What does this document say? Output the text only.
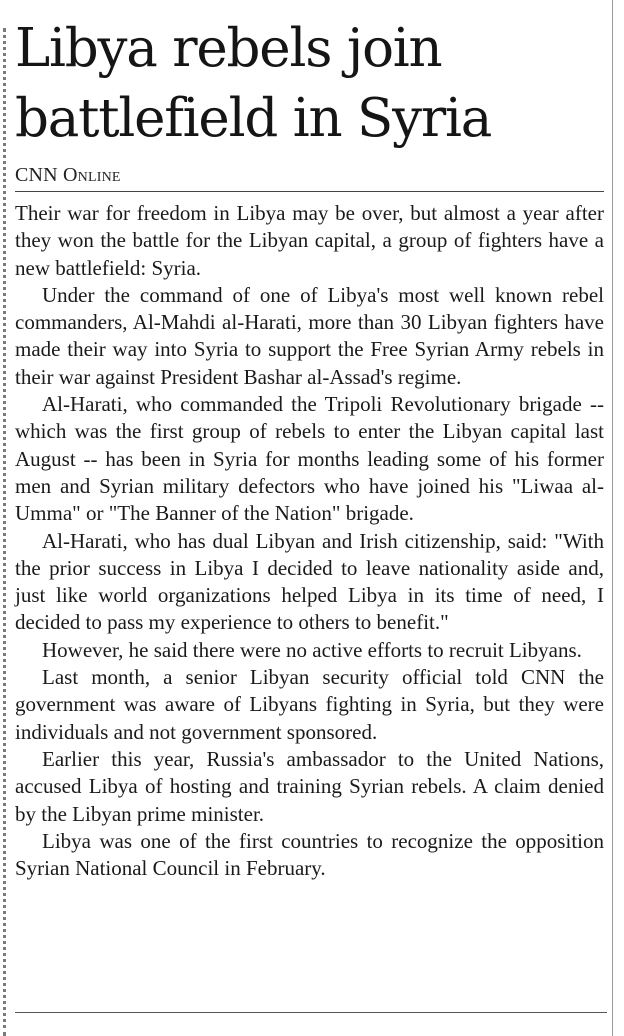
Libya rebels join battlefield in Syria
CNN Online

Their war for freedom in Libya may be over, but almost a year after they won the battle for the Libyan capital, a group of fighters have a new battlefield: Syria.

Under the command of one of Libya's most well known rebel commanders, Al-Mahdi al-Harati, more than 30 Libyan fighters have made their way into Syria to support the Free Syrian Army rebels in their war against President Bashar al-Assad's regime.

Al-Harati, who commanded the Tripoli Revolutionary brigade -- which was the first group of rebels to enter the Libyan capital last August -- has been in Syria for months leading some of his former men and Syrian military defectors who have joined his "Liwaa al-Umma" or "The Banner of the Nation" brigade.

Al-Harati, who has dual Libyan and Irish citizenship, said: "With the prior success in Libya I decided to leave nationality aside and, just like world organizations helped Libya in its time of need, I decided to pass my experience to others to benefit."

However, he said there were no active efforts to recruit Libyans.

Last month, a senior Libyan security official told CNN the government was aware of Libyans fighting in Syria, but they were individuals and not government sponsored.

Earlier this year, Russia's ambassador to the United Nations, accused Libya of hosting and training Syrian rebels. A claim denied by the Libyan prime minister.

Libya was one of the first countries to recognize the opposition Syrian National Council in February.
